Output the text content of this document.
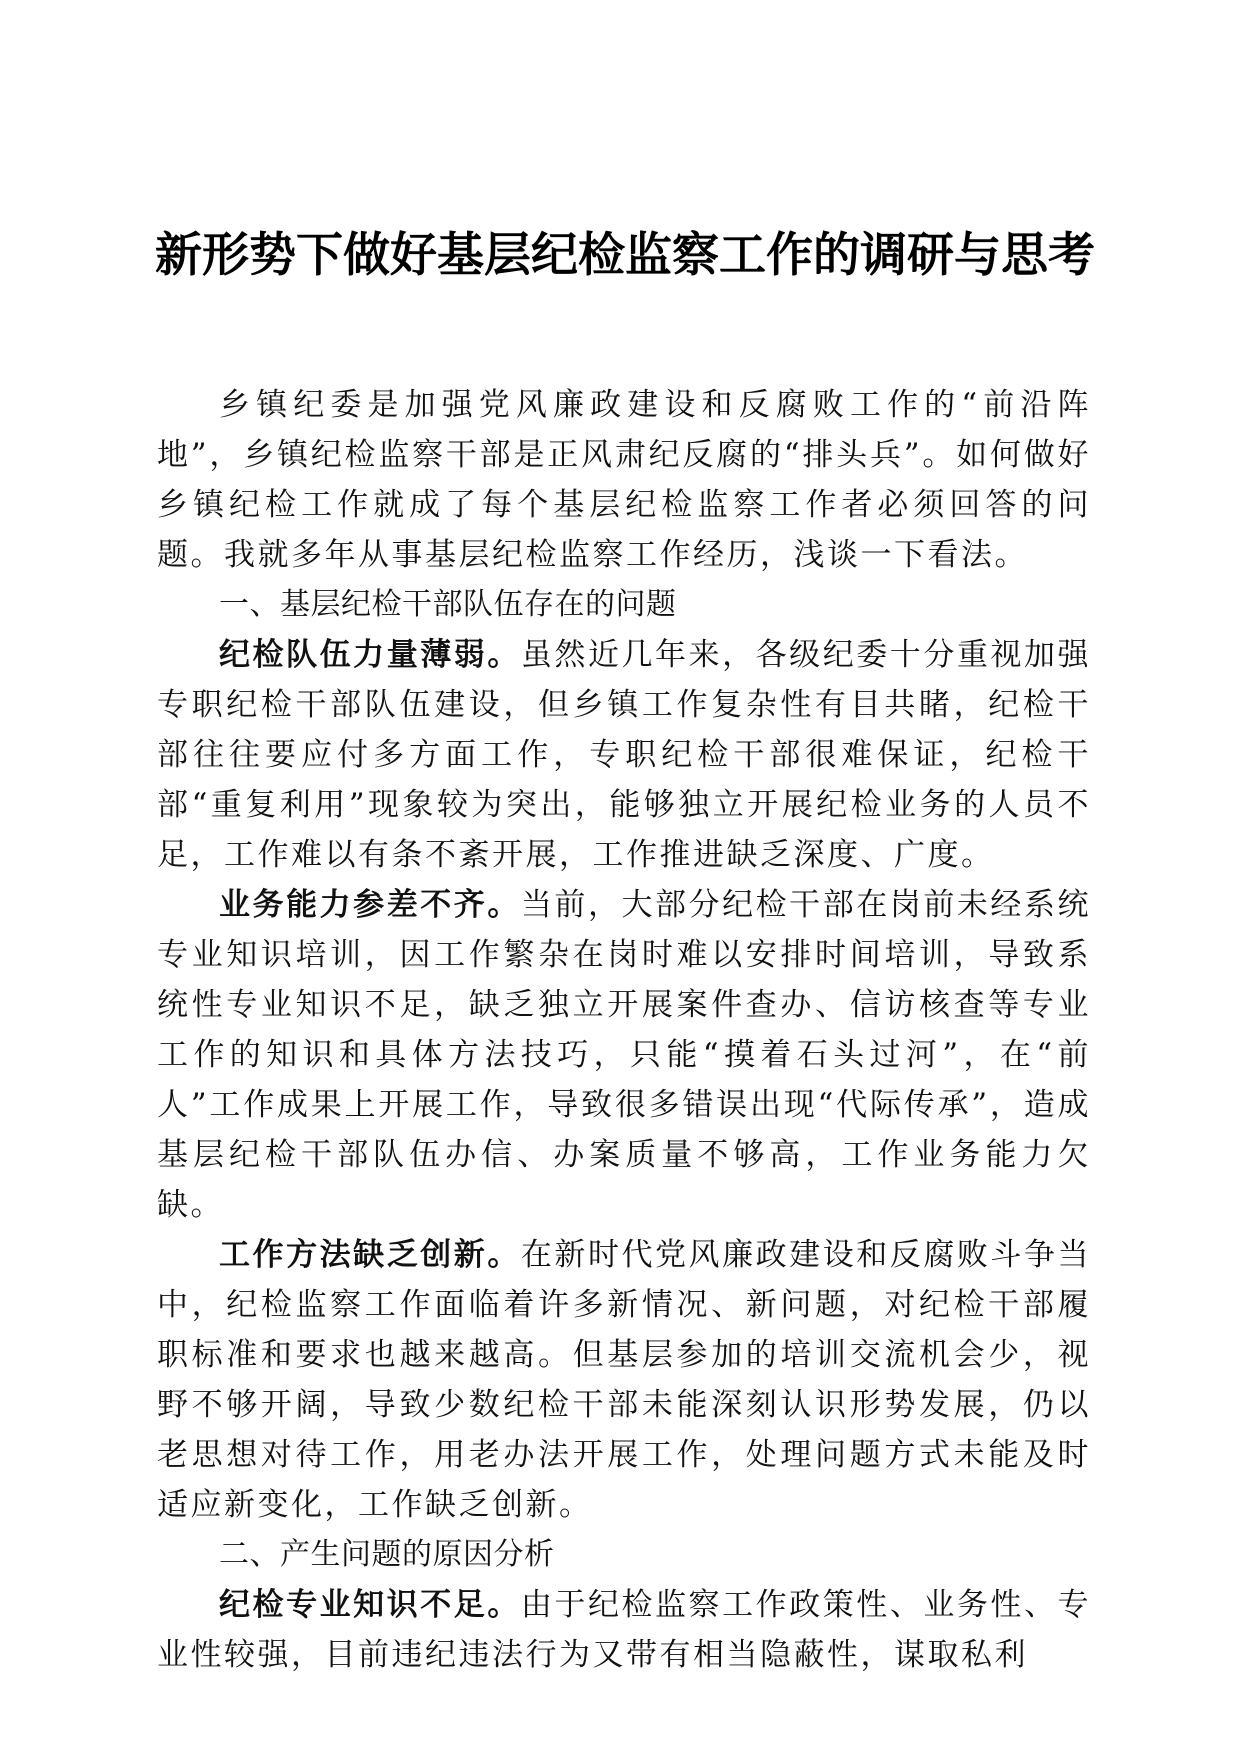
新形势下做好基层纪检监察工作的调研与思考

乡镇纪委是加强党风廉政建设和反腐败工作的“前沿阵地”，乡镇纪检监察干部是正风肃纪反腐的“排头兵”。如何做好乡镇纪检工作就成了每个基层纪检监察工作者必须回答的问题。我就多年从事基层纪检监察工作经历，浅谈一下看法。

一、基层纪检干部队伍存在的问题

纪检队伍力量薄弱。虽然近几年来，各级纪委十分重视加强专职纪检干部队伍建设，但乡镇工作复杂性有目共睹，纪检干部往往要应付多方面工作，专职纪检干部很难保证，纪检干部“重复利用”现象较为突出，能够独立开展纪检业务的人员不足，工作难以有条不紊开展，工作推进缺乏深度、广度。

业务能力参差不齐。当前，大部分纪检干部在岗前未经系统专业知识培训，因工作繁杂在岗时难以安排时间培训，导致系统性专业知识不足，缺乏独立开展案件查办、信访核查等专业工作的知识和具体方法技巧，只能“摸着石头过河”，在“前人”工作成果上开展工作，导致很多错误出现“代际传承”，造成基层纪检干部队伍办信、办案质量不够高，工作业务能力欠缺。

工作方法缺乏创新。在新时代党风廉政建设和反腐败斗争当中，纪检监察工作面临着许多新情况、新问题，对纪检干部履职标准和要求也越来越高。但基层参加的培训交流机会少，视野不够开阔，导致少数纪检干部未能深刻认识形势发展，仍以老思想对待工作，用老办法开展工作，处理问题方式未能及时适应新变化，工作缺乏创新。

二、产生问题的原因分析

纪检专业知识不足。由于纪检监察工作政策性、业务性、专业性较强，目前违纪违法行为又带有相当隐蔽性，谋取私利
